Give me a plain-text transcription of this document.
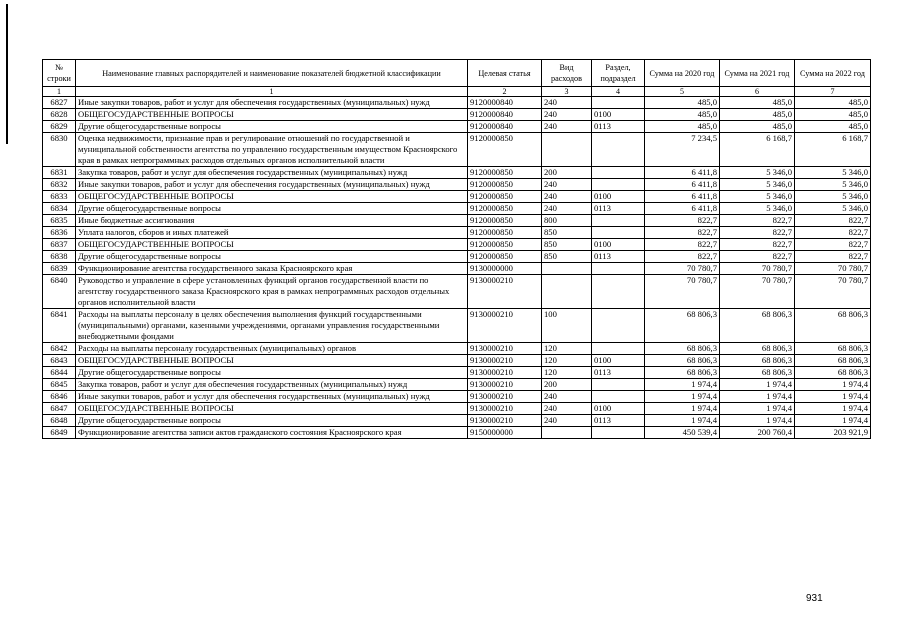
№ строки	Наименование главных распорядителей и наименование показателей бюджетной классификации	Целевая статья	Вид расходов	Раздел, подраздел	Сумма на 2020 год	Сумма на 2021 год	Сумма на 2022 год
1	1	2	3	4	5	6	7
6827	Иные закупки товаров, работ и услуг для обеспечения государственных (муниципальных) нужд	9120000840	240		485,0	485,0	485,0
6828	ОБЩЕГОСУДАРСТВЕННЫЕ ВОПРОСЫ	9120000840	240	0100	485,0	485,0	485,0
6829	Другие общегосударственные вопросы	9120000840	240	0113	485,0	485,0	485,0
6830	Оценка недвижимости, признание прав и регулирование отношений по государственной и муниципальной собственности агентства по управлению государственным имуществом Красноярского края в рамках непрограммных расходов отдельных органов исполнительной власти	9120000850			7 234,5	6 168,7	6 168,7
6831	Закупка товаров, работ и услуг для обеспечения государственных (муниципальных) нужд	9120000850	200		6 411,8	5 346,0	5 346,0
6832	Иные закупки товаров, работ и услуг для обеспечения государственных (муниципальных) нужд	9120000850	240		6 411,8	5 346,0	5 346,0
6833	ОБЩЕГОСУДАРСТВЕННЫЕ ВОПРОСЫ	9120000850	240	0100	6 411,8	5 346,0	5 346,0
6834	Другие общегосударственные вопросы	9120000850	240	0113	6 411,8	5 346,0	5 346,0
6835	Иные бюджетные ассигнования	9120000850	800		822,7	822,7	822,7
6836	Уплата налогов, сборов и иных платежей	9120000850	850		822,7	822,7	822,7
6837	ОБЩЕГОСУДАРСТВЕННЫЕ ВОПРОСЫ	9120000850	850	0100	822,7	822,7	822,7
6838	Другие общегосударственные вопросы	9120000850	850	0113	822,7	822,7	822,7
6839	Функционирование агентства государственного заказа Красноярского края	9130000000			70 780,7	70 780,7	70 780,7
6840	Руководство и управление в сфере установленных функций органов государственной власти по агентству государственного заказа Красноярского края в рамках непрограммных расходов отдельных органов исполнительной власти	9130000210			70 780,7	70 780,7	70 780,7
6841	Расходы на выплаты персоналу в целях обеспечения выполнения функций государственными (муниципальными) органами, казенными учреждениями, органами управления государственными внебюджетными фондами	9130000210	100		68 806,3	68 806,3	68 806,3
6842	Расходы на выплаты персоналу государственных (муниципальных) органов	9130000210	120		68 806,3	68 806,3	68 806,3
6843	ОБЩЕГОСУДАРСТВЕННЫЕ ВОПРОСЫ	9130000210	120	0100	68 806,3	68 806,3	68 806,3
6844	Другие общегосударственные вопросы	9130000210	120	0113	68 806,3	68 806,3	68 806,3
6845	Закупка товаров, работ и услуг для обеспечения государственных (муниципальных) нужд	9130000210	200		1 974,4	1 974,4	1 974,4
6846	Иные закупки товаров, работ и услуг для обеспечения государственных (муниципальных) нужд	9130000210	240		1 974,4	1 974,4	1 974,4
6847	ОБЩЕГОСУДАРСТВЕННЫЕ ВОПРОСЫ	9130000210	240	0100	1 974,4	1 974,4	1 974,4
6848	Другие общегосударственные вопросы	9130000210	240	0113	1 974,4	1 974,4	1 974,4
6849	Функционирование агентства записи актов гражданского состояния Красноярского края	9150000000			450 539,4	200 760,4	203 921,9
931
